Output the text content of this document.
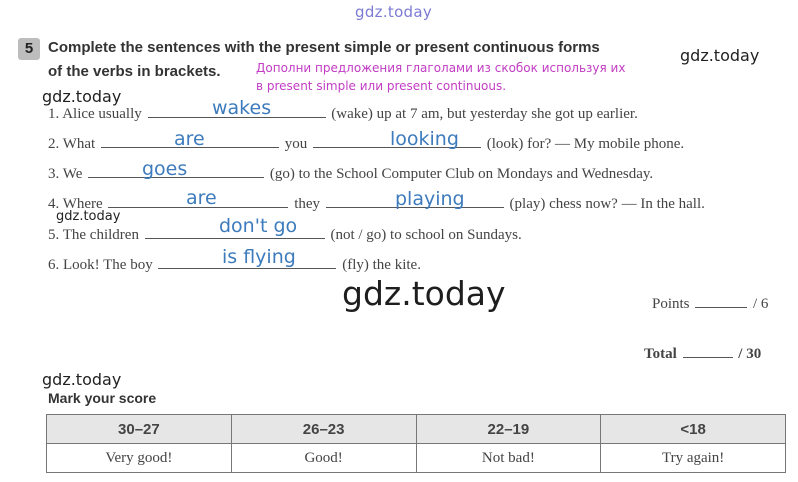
gdz.today
5 Complete the sentences with the present simple or present continuous forms
of the verbs in brackets.	Дополни предложения глаголами из скобок используя их
в present simple или present continuous.
gdz.today
gdz.today
1. Alice usually	(wake) up at 7 am, but yesterday she got up earlier.
wakes
2. What	you	(look) for? — My mobile phone.
are	looking
3. We	(go) to the School Computer Club on Mondays and Wednesday.
goes
4. Where	they	(play) chess now? — In the hall.
are	playing
gdz.today
5. The children	(not / go) to school on Sundays.
don't go
6. Look! The boy	(fly) the kite.
is flying
gdz.today	Points	/ 6
Total	/ 30
gdz.today
Mark your score
30–27	26–23	22–19	<18
Very good!	Good!	Not bad!	Try again!
